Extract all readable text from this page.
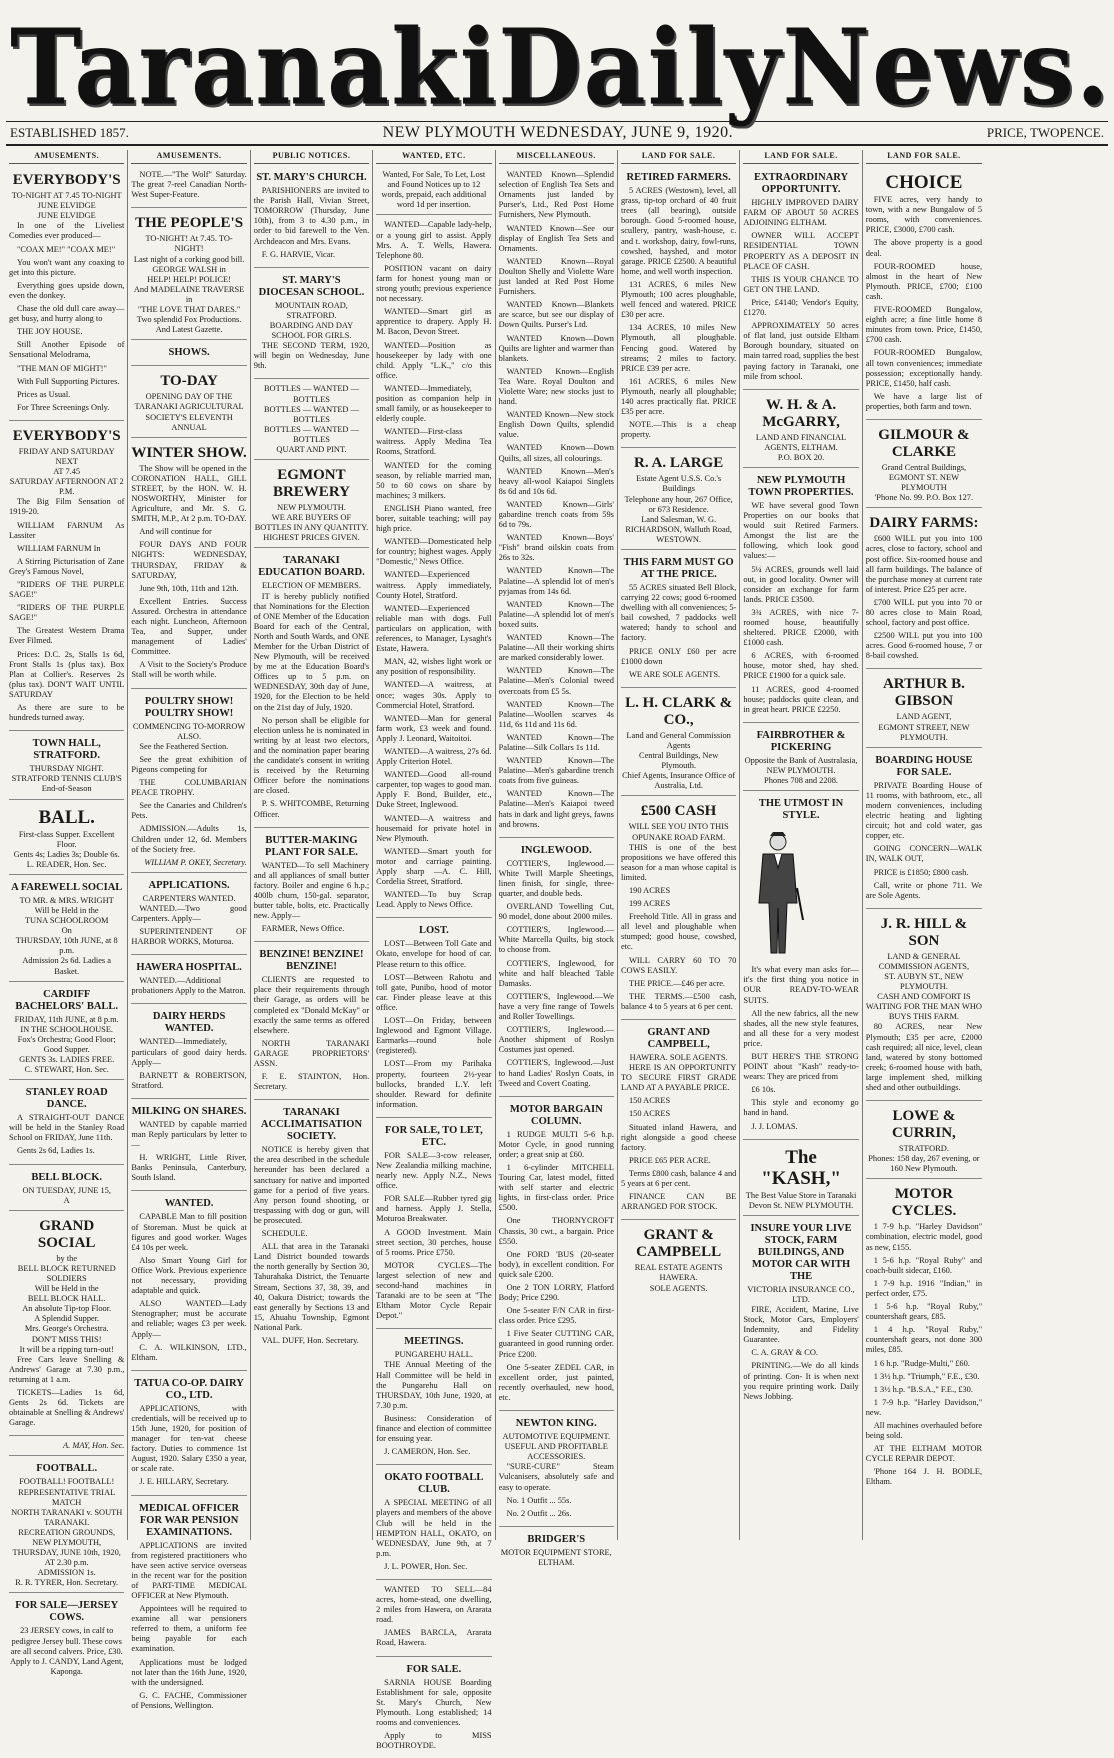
Taranaki Daily News.
ESTABLISHED 1857.	NEW PLYMOUTH WEDNESDAY, JUNE 9, 1920.	PRICE, TWOPENCE.
AMUSEMENTS.
EVERYBODY'S
TO-NIGHT AT 7.45 TO-NIGHT
JUNE ELVIDGE
JUNE ELVIDGE

In one of the Liveliest Comedies ever produced—

"COAX ME!" "COAX ME!"

You won't want any coaxing to get into this picture.

Everything goes upside down, even the donkey.

Chase the old dull care away—get busy, and hurry along to

THE JOY HOUSE.

Still Another Episode of Sensational Melodrama,

"THE MAN OF MIGHT!"

With Full Supporting Pictures.

Prices as Usual.

For Three Screenings Only.

EVERYBODY'S
FRIDAY AND SATURDAY NEXT
AT 7.45
SATURDAY AFTERNOON AT 2 P.M.

The Big Film Sensation of 1919-20.

WILLIAM FARNUM As Lassiter

WILLIAM FARNUM In

A Stirring Picturisation of Zane Grey's Famous Novel,

"RIDERS OF THE PURPLE SAGE!"

"RIDERS OF THE PURPLE SAGE!"

The Greatest Western Drama Ever Filmed.

Prices: D.C. 2s, Stalls 1s 6d, Front Stalls 1s (plus tax). Box Plan at Collier's. Reserves 2s (plus tax). DON'T WAIT UNTIL SATURDAY

As there are sure to be hundreds turned away.

TOWN HALL, STRATFORD.
THURSDAY NIGHT.
STRATFORD TENNIS CLUB'S
End-of-Season
BALL.
First-class Supper. Excellent Floor.
Gents 4s; Ladies 3s; Double 6s.
L. READER, Hon. Sec.
A FAREWELL SOCIAL
TO MR. & MRS. WRIGHT
Will be Held in the
TUNA SCHOOLROOM
On
THURSDAY, 10th JUNE, at 8 p.m.
Admission 2s 6d. Ladies a Basket.
CARDIFF BACHELORS' BALL.
FRIDAY, 11th JUNE, at 8 p.m.
IN THE SCHOOLHOUSE.
Fox's Orchestra; Good Floor; Good Supper.
GENTS 3s. LADIES FREE.
C. STEWART, Hon. Sec.
STANLEY ROAD DANCE.

A STRAIGHT-OUT DANCE will be held in the Stanley Road School on FRIDAY, June 11th.

Gents 2s 6d, Ladies 1s.

BELL BLOCK.
ON TUESDAY, JUNE 15,
A
GRAND SOCIAL
by the
BELL BLOCK RETURNED SOLDIERS
Will be Held in the
BELL BLOCK HALL.
An absolute Tip-top Floor.
A Splendid Supper.
Mrs. George's Orchestra.
DON'T MISS THIS!
It will be a ripping turn-out!

Free Cars leave Snelling & Andrews' Garage at 7.30 p.m., returning at 1 a.m.

TICKETS—Ladies 1s 6d, Gents 2s 6d. Tickets are obtainable at Snelling & Andrews' Garage.

A. MAY, Hon. Sec.
FOOTBALL.
FOOTBALL! FOOTBALL!
REPRESENTATIVE TRIAL MATCH
NORTH TARANAKI v. SOUTH TARANAKI.
RECREATION GROUNDS, NEW PLYMOUTH,
THURSDAY, JUNE 10th, 1920, AT 2.30 p.m.
ADMISSION 1s.
R. R. TYRER, Hon. Secretary.
FOR SALE—JERSEY COWS.
23 JERSEY cows, in calf to pedigree Jersey bull. These cows are all second calvers. Price, £30. Apply to J. CANDY, Land Agent, Kaponga.
AMUSEMENTS.

NOTE.—"The Wolf" Saturday. The great 7-reel Canadian North-West Super-Feature.

THE PEOPLE'S
TO-NIGHT! At 7.45. TO-NIGHT!
Last night of a corking good bill.
GEORGE WALSH in
HELP! HELP! POLICE!
And MADELAINE TRAVERSE in
"THE LOVE THAT DARES."
Two splendid Fox Productions.
And Latest Gazette.
SHOWS.
TO-DAY
OPENING DAY OF THE
TARANAKI AGRICULTURAL SOCIETY'S ELEVENTH ANNUAL
WINTER SHOW.

The Show will be opened in the CORONATION HALL, GILL STREET, by the HON. W. H. NOSWORTHY, Minister for Agriculture, and Mr. S. G. SMITH, M.P., At 2 p.m. TO-DAY.

And will continue for

FOUR DAYS AND FOUR NIGHTS: WEDNESDAY, THURSDAY, FRIDAY & SATURDAY,

June 9th, 10th, 11th and 12th.

Excellent Entries. Success Assured. Orchestra in attendance each night. Luncheon, Afternoon Tea, and Supper, under management of Ladies' Committee.

A Visit to the Society's Produce Stall will be worth while.

POULTRY SHOW! POULTRY SHOW!
COMMENCING TO-MORROW ALSO.

See the Feathered Section.

See the great exhibition of Pigeons competing for

THE COLUMBARIAN PEACE TROPHY.

See the Canaries and Children's Pets.

ADMISSION.—Adults 1s, Children under 12, 6d. Members of the Society free.

WILLIAM P. OKEY, Secretary.
APPLICATIONS.
CARPENTERS WANTED.

WANTED.—Two good Carpenters. Apply—

SUPERINTENDENT OF HARBOR WORKS, Moturoa.

HAWERA HOSPITAL.

WANTED.—Additional probationers Apply to the Matron.

DAIRY HERDS WANTED.

WANTED—Immediately, particulars of good dairy herds. Apply—

BARNETT & ROBERTSON, Stratford.

MILKING ON SHARES.

WANTED by capable married man Reply particulars by letter to—

H. WRIGHT, Little River, Banks Peninsula, Canterbury, South Island.

WANTED.

CAPABLE Man to fill position of Storeman. Must be quick at figures and good worker. Wages £4 10s per week.

Also Smart Young Girl for Office Work. Previous experience not necessary, providing adaptable and quick.

ALSO WANTED—Lady Stenographer; must be accurate and reliable; wages £3 per week. Apply—

C. A. WILKINSON, LTD., Eltham.

TATUA CO-OP. DAIRY CO., LTD.

APPLICATIONS, with credentials, will be received up to 15th June, 1920, for position of manager for ten-vat cheese factory. Duties to commence 1st August, 1920. Salary £350 a year, or scale rate.

J. E. HILLARY, Secretary.

MEDICAL OFFICER FOR WAR PENSION EXAMINATIONS.

APPLICATIONS are invited from registered practitioners who have seen active service overseas in the recent war for the position of PART-TIME MEDICAL OFFICER at New Plymouth.

Appointees will be required to examine all war pensioners referred to them, a uniform fee being payable for each examination.

Applications must be lodged not later than the 16th June, 1920, with the undersigned.

G. C. FACHE, Commissioner of Pensions, Wellington.

PUBLIC NOTICES.
ST. MARY'S CHURCH.

PARISHIONERS are invited to the Parish Hall, Vivian Street, TOMORROW (Thursday, June 10th), from 3 to 4.30 p.m., in order to bid farewell to the Ven. Archdeacon and Mrs. Evans.

F. G. HARVIE, Vicar.

ST. MARY'S DIOCESAN SCHOOL.
MOUNTAIN ROAD, STRATFORD.
BOARDING AND DAY SCHOOL FOR GIRLS.

THE SECOND TERM, 1920, will begin on Wednesday, June 9th.

BOTTLES — WANTED — BOTTLES
BOTTLES — WANTED — BOTTLES
BOTTLES — WANTED — BOTTLES
QUART AND PINT.
EGMONT BREWERY
NEW PLYMOUTH.
WE ARE BUYERS OF BOTTLES IN ANY QUANTITY. HIGHEST PRICES GIVEN.
TARANAKI EDUCATION BOARD.
ELECTION OF MEMBERS.

IT is hereby publicly notified that Nominations for the Election of ONE Member of the Education Board for each of the Central, North and South Wards, and ONE Member for the Urban District of New Plymouth, will be received by me at the Education Board's Offices up to 5 p.m. on WEDNESDAY, 30th day of June, 1920, for the Election to be held on the 21st day of July, 1920.

No person shall be eligible for election unless he is nominated in writing by at least two electors, and the nomination paper bearing the candidate's consent in writing is received by the Returning Officer before the nominations are closed.

P. S. WHITCOMBE, Returning Officer.

BUTTER-MAKING PLANT FOR SALE.

WANTED—To sell Machinery and all appliances of small butter factory. Boiler and engine 6 h.p.; 400lb churn, 150-gal. separator, butter table, bolts, etc. Practically new. Apply—

FARMER, News Office.

BENZINE! BENZINE! BENZINE!

CLIENTS are requested to place their requirements through their Garage, as orders will be completed ex "Donald McKay" or exactly the same terms as offered elsewhere.

NORTH TARANAKI GARAGE PROPRIETORS' ASSN.

F. E. STAINTON, Hon. Secretary.

TARANAKI ACCLIMATISATION SOCIETY.

NOTICE is hereby given that the area described in the schedule hereunder has been declared a sanctuary for native and imported game for a period of five years. Any person found shooting, or trespassing with dog or gun, will be prosecuted.

SCHEDULE.

ALL that area in the Taranaki Land District bounded towards the north generally by Section 30, Tahurahaka District, the Tenuarte Stream, Sections 37, 38, 39, and 40, Oakura District; towards the east generally by Sections 13 and 15, Ahuahu Township, Egmont National Park.

VAL. DUFF, Hon. Secretary.

WANTED, ETC.
Wanted, For Sale, To Let, Lost and Found Notices up to 12 words, prepaid, each additional word 1d per insertion.

WANTED—Capable lady-help, or a young girl to assist. Apply Mrs. A. T. Wells, Hawera. Telephone 80.

POSITION vacant on dairy farm for honest young man or strong youth; previous experience not necessary.

WANTED—Smart girl as apprentice to drapery. Apply H. M. Bacon, Devon Street.

WANTED—Position as housekeeper by lady with one child. Apply "L.K.," c/o this office.

WANTED—Immediately, position as companion help in small family, or as housekeeper to elderly couple.

WANTED—First-class waitress. Apply Medina Tea Rooms, Stratford.

WANTED for the coming season, by reliable married man, 50 to 60 cows on share by machines; 3 milkers.

ENGLISH Piano wanted, free borer, suitable teaching; will pay high price.

WANTED—Domesticated help for country; highest wages. Apply "Domestic," News Office.

WANTED—Experienced waitress. Apply immediately, County Hotel, Stratford.

WANTED—Experienced reliable man with dogs. Full particulars on application, with references, to Manager, Lysaght's Estate, Hawera.

MAN, 42, wishes light work or any position of responsibility.

WANTED—A waitress, at once; wages 30s. Apply to Commercial Hotel, Stratford.

WANTED—Man for general farm work, £3 week and found. Apply J. Leonard, Waitoitoi.

WANTED—A waitress, 27s 6d. Apply Criterion Hotel.

WANTED—Good all-round carpenter, top wages to good man. Apply F. Bond, Builder, etc., Duke Street, Inglewood.

WANTED—A waitress and housemaid for private hotel in New Plymouth.

WANTED—Smart youth for motor and carriage painting. Apply sharp —A. C. Hill, Cordelia Street, Stratford.

WANTED—To buy Scrap Lead. Apply to News Office.

LOST.

LOST—Between Toll Gate and Okato, envelope for hood of car. Please return to this office.

LOST—Between Rahotu and toll gate, Punibo, hood of motor car. Finder please leave at this office.

LOST—On Friday, between Inglewood and Egmont Village. Earmarks—round hole (registered).

LOST—From my Parihaka property, fourteen 2½-year bullocks, branded L.Y. left shoulder. Reward for definite information.

FOR SALE, TO LET, ETC.

FOR SALE—3-cow releaser, New Zealandia milking machine, nearly new. Apply N.Z., News office.

FOR SALE—Rubber tyred gig and harness. Apply J. Stella, Moturoa Breakwater.

A GOOD Investment. Main street section, 30 perches, house of 5 rooms. Price £750.

MOTOR CYCLES—The largest selection of new and second-hand machines in Taranaki are to be seen at "The Eltham Motor Cycle Repair Depot."

MEETINGS.
PUNGAREHU HALL.

THE Annual Meeting of the Hall Committee will be held in the Pungarehu Hall on THURSDAY, 10th June, 1920, at 7.30 p.m.

Business: Consideration of finance and election of committee for ensuing year.

J. CAMERON, Hon. Sec.

OKATO FOOTBALL CLUB.

A SPECIAL MEETING of all players and members of the above Club will be held in the HEMPTON HALL, OKATO, on WEDNESDAY, June 9th, at 7 p.m.

J. L. POWER, Hon. Sec.

WANTED TO SELL—84 acres, home-stead, one dwelling, 2 miles from Hawera, on Ararata road.

JAMES BARCLA, Ararata Road, Hawera.

FOR SALE.

SARNIA HOUSE Boarding Establishment for sale, opposite St. Mary's Church, New Plymouth. Long established; 14 rooms and conveniences.

Apply to MISS BOOTHROYDE.

MISCELLANEOUS.

WANTED Known—Splendid selection of English Tea Sets and Ornaments just landed by Purser's, Ltd., Red Post Home Furnishers, New Plymouth.

WANTED Known—See our display of English Tea Sets and Ornaments.

WANTED Known—Royal Doulton Shelly and Violette Ware just landed at Red Post Home Furnishers.

WANTED Known—Blankets are scarce, but see our display of Down Quilts. Purser's Ltd.

WANTED Known—Down Quilts are lighter and warmer than blankets.

WANTED Known—English Tea Ware. Royal Doulton and Violette Ware; new stocks just to hand.

WANTED Known—New stock English Down Quilts, splendid value.

WANTED Known—Down Quilts, all sizes, all colourings.

WANTED Known—Men's heavy all-wool Kaiapoi Singlets 8s 6d and 10s 6d.

WANTED Known—Girls' gabardine trench coats from 59s 6d to 79s.

WANTED Known—Boys' "Fish" brand oilskin coats from 26s to 32s.

WANTED Known—The Palatine—A splendid lot of men's pyjamas from 14s 6d.

WANTED Known—The Palatine—A splendid lot of men's boxed suits.

WANTED Known—The Palatine—All their working shirts are marked considerably lower.

WANTED Known—The Palatine—Men's Colonial tweed overcoats from £5 5s.

WANTED Known—The Palatine—Woollen scarves 4s 11d, 6s 11d and 11s 6d.

WANTED Known—The Palatine—Silk Collars 1s 11d.

WANTED Known—The Palatine—Men's gabardine trench coats from five guineas.

WANTED Known—The Palatine—Men's Kaiapoi tweed hats in dark and light greys, fawns and browns.

INGLEWOOD.

COTTIER'S, Inglewood.—White Twill Marple Sheetings, linen finish, for single, three-quarter, and double beds.

OVERLAND Towelling Cut, 90 model, done about 2000 miles.

COTTIER'S, Inglewood.—White Marcella Quilts, big stock to choose from.

COTTIER'S, Inglewood, for white and half bleached Table Damasks.

COTTIER'S, Inglewood.—We have a very fine range of Towels and Roller Towellings.

COTTIER'S, Inglewood.—Another shipment of Roslyn Costumes just opened.

COTTIER'S, Inglewood.—Just to hand Ladies' Roslyn Coats, in Tweed and Covert Coating.

MOTOR BARGAIN COLUMN.

1 RUDGE MULTI 5-6 h.p. Motor Cycle, in good running order; a great snip at £60.

1 6-cylinder MITCHELL Touring Car, latest model, fitted with self starter and electric lights, in first-class order. Price £500.

One THORNYCROFT Chassis, 30 cwt., a bargain. Price £550.

One FORD 'BUS (20-seater body), in excellent condition. For quick sale £200.

One 2 TON LORRY, Flatford Body; Price £290.

One 5-seater F/N CAR in first-class order. Price £295.

1 Five Seater CUTTING CAR, guaranteed in good running order. Price £200.

One 5-seater ZEDEL CAR, in excellent order, just painted, recently overhauled, new hood, etc.

NEWTON KING.
AUTOMOTIVE EQUIPMENT.
USEFUL AND PROFITABLE ACCESSORIES.

"SURE-CURE" Steam Vulcanisers, absolutely safe and easy to operate.

No. 1 Outfit ... 55s.

No. 2 Outfit ... 26s.

BRIDGER'S
MOTOR EQUIPMENT STORE, ELTHAM.
LAND FOR SALE.
RETIRED FARMERS.

5 ACRES (Westown), level, all grass, tip-top orchard of 40 fruit trees (all bearing), outside borough. Good 5-roomed house, scullery, pantry, wash-house, c. and t. workshop, dairy, fowl-runs, cowshed, hayshed, and motor garage. PRICE £2500. A beautiful home, and well worth inspection.

131 ACRES, 6 miles New Plymouth; 100 acres ploughable, well fenced and watered. PRICE £30 per acre.

134 ACRES, 10 miles New Plymouth, all ploughable. Fencing good. Watered by streams; 2 miles to factory. PRICE £39 per acre.

161 ACRES, 6 miles New Plymouth, nearly all ploughable; 140 acres practically flat. PRICE £35 per acre.

NOTE.—This is a cheap property.

R. A. LARGE
Estate Agent U.S.S. Co.'s Buildings
Telephone any hour, 267 Office, or 673 Residence.
Land Salesman, W. G. RICHARDSON, Walluth Road, WESTOWN.
THIS FARM MUST GO AT THE PRICE.

55 ACRES situated Bell Block, carrying 22 cows; good 6-roomed dwelling with all conveniences; 5-bail cowshed, 7 paddocks well watered; handy to school and factory.

PRICE ONLY £60 per acre £1000 down

WE ARE SOLE AGENTS.

L. H. CLARK & CO.,
Land and General Commission Agents
Central Buildings, New Plymouth.
Chief Agents, Insurance Office of Australia, Ltd.
£500 CASH
WILL SEE YOU INTO THIS
OPUNAKE ROAD FARM.

THIS is one of the best propositions we have offered this season for a man whose capital is limited.

190 ACRES

199 ACRES

Freehold Title. All in grass and all level and ploughable when stumped; good house, cowshed, etc.

WILL CARRY 60 TO 70 COWS EASILY.

THE PRICE.—£46 per acre.

THE TERMS.—£500 cash, balance 4 to 5 years at 6 per cent.

GRANT AND CAMPBELL,
HAWERA. SOLE AGENTS.

HERE IS AN OPPORTUNITY TO SECURE FIRST GRADE LAND AT A PAYABLE PRICE.

150 ACRES

150 ACRES

Situated inland Hawera, and right alongside a good cheese factory.

PRICE £65 PER ACRE.

Terms £800 cash, balance 4 and 5 years at 6 per cent.

FINANCE CAN BE ARRANGED FOR STOCK.

GRANT & CAMPBELL
REAL ESTATE AGENTS
HAWERA.
SOLE AGENTS.
LAND FOR SALE.
EXTRAORDINARY OPPORTUNITY.

HIGHLY IMPROVED DAIRY FARM OF ABOUT 50 ACRES ADJOINING ELTHAM.

OWNER WILL ACCEPT RESIDENTIAL TOWN PROPERTY AS A DEPOSIT IN PLACE OF CASH.

THIS IS YOUR CHANCE TO GET ON THE LAND.

Price, £4140; Vendor's Equity, £1270.

APPROXIMATELY 50 acres of flat land, just outside Eltham Borough boundary, situated on main tarred road, supplies the best paying factory in Taranaki, one mile from school.

W. H. & A. McGARRY,
LAND AND FINANCIAL AGENTS, ELTHAM.
P.O. BOX 20.
NEW PLYMOUTH TOWN PROPERTIES.

WE have several good Town Properties on our books that would suit Retired Farmers. Amongst the list are the following, which look good values:—

5¼ ACRES, grounds well laid out, in good locality. Owner will consider an exchange for farm lands. PRICE £3500.

3¾ ACRES, with nice 7-roomed house, beautifully sheltered. PRICE £2000, with £1000 cash.

6 ACRES, with 6-roomed house, motor shed, hay shed. PRICE £1900 for a quick sale.

11 ACRES, good 4-roomed house; paddocks quite clean, and in great heart. PRICE £2250.

FAIRBROTHER & PICKERING
Opposite the Bank of Australasia, NEW PLYMOUTH.
Phones 708 and 2208.
THE UTMOST IN STYLE.

It's what every man asks for—it's the first thing you notice in OUR READY-TO-WEAR SUITS.

All the new fabrics, all the new shades, all the new style features, and all these for a very modest price.

BUT HERE'S THE STRONG POINT about "Kash" ready-to-wears: They are priced from

£6 10s.

This style and economy go hand in hand.

J. J. LOMAS.

The "KASH,"
The Best Value Store in Taranaki
Devon St. NEW PLYMOUTH.
INSURE YOUR LIVE STOCK, FARM BUILDINGS, AND MOTOR CAR WITH THE
VICTORIA INSURANCE CO., LTD.

FIRE, Accident, Marine, Live Stock, Motor Cars, Employers' Indemnity, and Fidelity Guarantee.

C. A. GRAY & CO.

PRINTING.—We do all kinds of printing. Con- It is when next you require printing work. Daily News Jobbing.

LAND FOR SALE.
CHOICE

FIVE acres, very handy to town, with a new Bungalow of 5 rooms, with conveniences. PRICE, £3000, £700 cash.

The above property is a good deal.

FOUR-ROOMED house, almost in the heart of New Plymouth. PRICE, £700; £100 cash.

FIVE-ROOMED Bungalow, eighth acre; a fine little home 8 minutes from town. Price, £1450, £700 cash.

FOUR-ROOMED Bungalow, all town conveniences; immediate possession; exceptionally handy. PRICE, £1450, half cash.

We have a large list of properties, both farm and town.

GILMOUR & CLARKE
Grand Central Buildings,
EGMONT ST. NEW PLYMOUTH
'Phone No. 99. P.O. Box 127.
DAIRY FARMS:

£600 WILL put you into 100 acres, close to factory, school and post office. Six-roomed house and all farm buildings. The balance of the purchase money at current rate of interest. Price £25 per acre.

£700 WILL put you into 70 or 80 acres close to Main Road, school, factory and post office.

£2500 WILL put you into 100 acres. Good 6-roomed house, 7 or 8-bail cowshed.

ARTHUR B. GIBSON
LAND AGENT,
EGMONT STREET, NEW PLYMOUTH.
BOARDING HOUSE FOR SALE.

PRIVATE Boarding House of 11 rooms, with bathroom, etc., all modern conveniences, including electric heating and lighting circuit; hot and cold water, gas copper, etc.

GOING CONCERN—WALK IN, WALK OUT,

PRICE is £1850; £800 cash.

Call, write or phone 711. We are Sole Agents.

J. R. HILL & SON
LAND & GENERAL COMMISSION AGENTS,
ST. AUBYN ST., NEW PLYMOUTH.
CASH AND COMFORT IS WAITING FOR THE MAN WHO BUYS THIS FARM.

80 ACRES, near New Plymouth; £35 per acre, £2000 cash required; all nice, level, clean land, watered by stony bottomed creek; 6-roomed house with bath, large implement shed, milking shed and other outbuildings.

LOWE & CURRIN,
STRATFORD.
Phones: 158 day, 267 evening, or 160 New Plymouth.
MOTOR CYCLES.

1 7-9 h.p. "Harley Davidson" combination, electric model, good as new, £155.

1 5-6 h.p. "Royal Ruby" and coach-built sidecar, £160.

1 7-9 h.p. 1916 "Indian," in perfect order, £75.

1 5-6 h.p. "Royal Ruby," countershaft gears, £85.

1 4 h.p. "Royal Ruby," countershaft gears, not done 300 miles, £85.

1 6 h.p. "Rudge-Multi," £60.

1 3½ h.p. "Triumph," F.E., £30.

1 3½ h.p. "B.S.A.," F.E., £30.

1 7-9 h.p. "Harley Davidson," new.

All machines overhauled before being sold.

AT THE ELTHAM MOTOR CYCLE REPAIR DEPOT.

'Phone 164 J. H. BODLE, Eltham.
